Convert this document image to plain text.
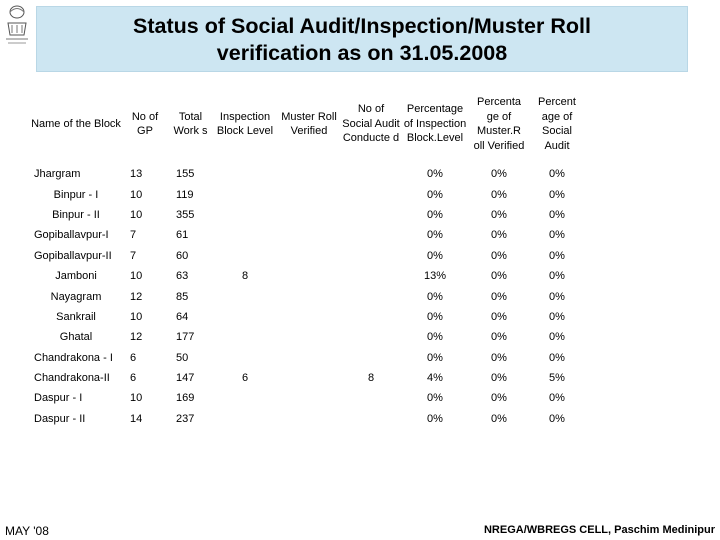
Status of Social Audit/Inspection/Muster Roll
verification as on 31.05.2008
Name of the Block	No of GP	Total Work s	Inspection Block Level	Muster Roll Verified	No of Social Audit Conducte d	Percentage of Inspection Block.Level	Percenta ge of Muster.R oll Verified	Percent age of Social Audit
Jhargram	13	155				0%	0%	0%
Binpur - I	10	119				0%	0%	0%
Binpur - II	10	355				0%	0%	0%
Gopiballavpur-I	7	61				0%	0%	0%
Gopiballavpur-II	7	60				0%	0%	0%
Jamboni	10	63	8			13%	0%	0%
Nayagram	12	85				0%	0%	0%
Sankrail	10	64				0%	0%	0%
Ghatal	12	177				0%	0%	0%
Chandrakona - I	6	50				0%	0%	0%
Chandrakona-II	6	147	6		8	4%	0%	5%
Daspur - I	10	169				0%	0%	0%
Daspur - II	14	237				0%	0%	0%
MAY '08	NREGA/WBREGS CELL, Paschim Medinipur
